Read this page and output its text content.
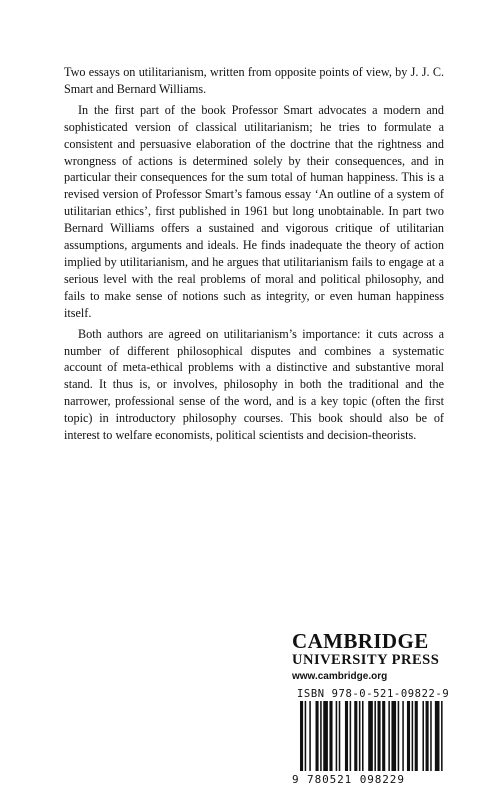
Two essays on utilitarianism, written from opposite points of view, by J. J. C. Smart and Bernard Williams.

In the first part of the book Professor Smart advocates a modern and sophisticated version of classical utilitarianism; he tries to formulate a consistent and persuasive elaboration of the doctrine that the rightness and wrongness of actions is determined solely by their consequences, and in particular their consequences for the sum total of human happiness. This is a revised version of Professor Smart’s famous essay ‘An outline of a system of utilitarian ethics’, first published in 1961 but long unobtainable. In part two Bernard Williams offers a sustained and vigorous critique of utilitarian assumptions, arguments and ideals. He finds inadequate the theory of action implied by utilitarianism, and he argues that utilitarianism fails to engage at a serious level with the real problems of moral and political philosophy, and fails to make sense of notions such as integrity, or even human happiness itself.

Both authors are agreed on utilitarianism’s importance: it cuts across a number of different philosophical disputes and combines a systematic account of meta-ethical problems with a distinctive and substantive moral stand. It thus is, or involves, philosophy in both the traditional and the narrower, professional sense of the word, and is a key topic (often the first topic) in introductory philosophy courses. This book should also be of interest to welfare economists, political scientists and decision-theorists.

CAMBRIDGE
UNIVERSITY PRESS
www.cambridge.org
ISBN 978-0-521-09822-9
9 780521 098229
